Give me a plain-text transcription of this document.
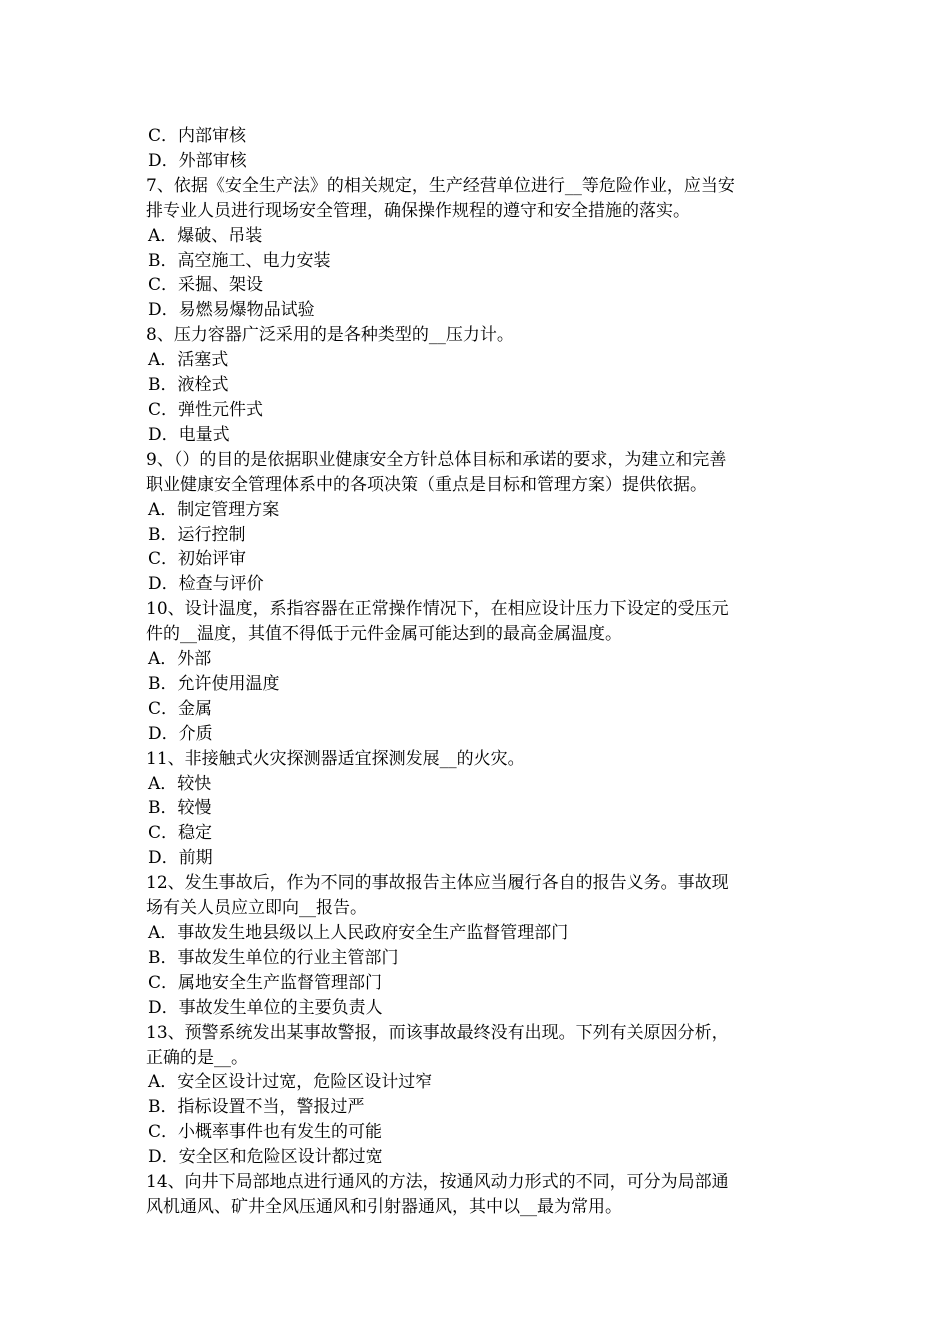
C．内部审核
D．外部审核
7、依据《安全生产法》的相关规定，生产经营单位进行__等危险作业，应当安
排专业人员进行现场安全管理，确保操作规程的遵守和安全措施的落实。
A．爆破、吊装
B．高空施工、电力安装
C．采掘、架设
D．易燃易爆物品试验
8、压力容器广泛采用的是各种类型的__压力计。
A．活塞式
B．液栓式
C．弹性元件式
D．电量式
9、（）的目的是依据职业健康安全方针总体目标和承诺的要求，为建立和完善
职业健康安全管理体系中的各项决策（重点是目标和管理方案）提供依据。
A．制定管理方案
B．运行控制
C．初始评审
D．检查与评价
10、设计温度，系指容器在正常操作情况下，在相应设计压力下设定的受压元
件的__温度，其值不得低于元件金属可能达到的最高金属温度。
A．外部
B．允许使用温度
C．金属
D．介质
11、非接触式火灾探测器适宜探测发展__的火灾。
A．较快
B．较慢
C．稳定
D．前期
12、发生事故后，作为不同的事故报告主体应当履行各自的报告义务。事故现
场有关人员应立即向__报告。
A．事故发生地县级以上人民政府安全生产监督管理部门
B．事故发生单位的行业主管部门
C．属地安全生产监督管理部门
D．事故发生单位的主要负责人
13、预警系统发出某事故警报，而该事故最终没有出现。下列有关原因分析，
正确的是__。
A．安全区设计过宽，危险区设计过窄
B．指标设置不当，警报过严
C．小概率事件也有发生的可能
D．安全区和危险区设计都过宽
14、向井下局部地点进行通风的方法，按通风动力形式的不同，可分为局部通
风机通风、矿井全风压通风和引射器通风，其中以__最为常用。
